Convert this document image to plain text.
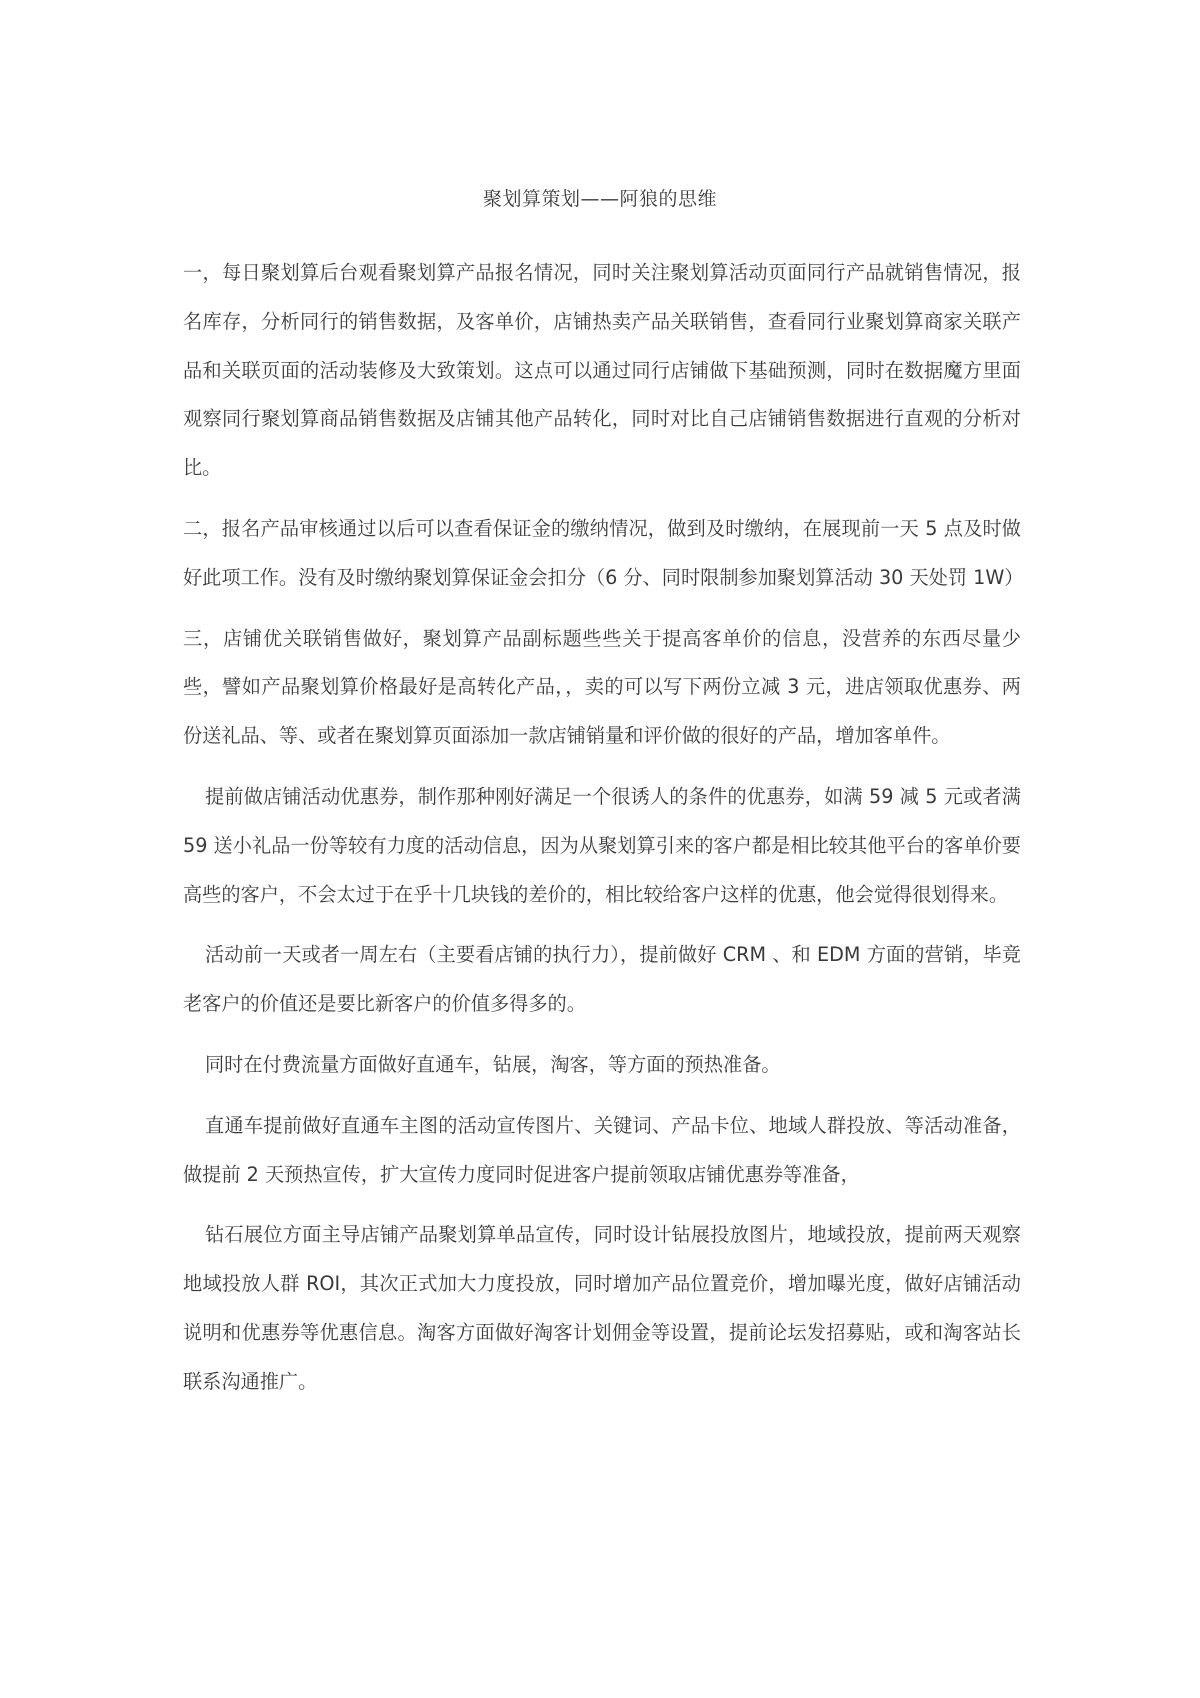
聚划算策划——阿狼的思维

一，每日聚划算后台观看聚划算产品报名情况，同时关注聚划算活动页面同行产品就销售情况，报名库存，分析同行的销售数据，及客单价，店铺热卖产品关联销售，查看同行业聚划算商家关联产品和关联页面的活动装修及大致策划。这点可以通过同行店铺做下基础预测，同时在数据魔方里面观察同行聚划算商品销售数据及店铺其他产品转化，同时对比自己店铺销售数据进行直观的分析对比。

二，报名产品审核通过以后可以查看保证金的缴纳情况，做到及时缴纳，在展现前一天 5 点及时做好此项工作。没有及时缴纳聚划算保证金会扣分（6 分、同时限制参加聚划算活动 30 天处罚 1W）

三，店铺优关联销售做好，聚划算产品副标题些些关于提高客单价的信息，没营养的东西尽量少些，譬如产品聚划算价格最好是高转化产品，，卖的可以写下两份立减 3 元，进店领取优惠券、两份送礼品、等、或者在聚划算页面添加一款店铺销量和评价做的很好的产品，增加客单件。

提前做店铺活动优惠券，制作那种刚好满足一个很诱人的条件的优惠券，如满 59 减 5 元或者满 59 送小礼品一份等较有力度的活动信息，因为从聚划算引来的客户都是相比较其他平台的客单价要高些的客户，不会太过于在乎十几块钱的差价的，相比较给客户这样的优惠，他会觉得很划得来。

活动前一天或者一周左右（主要看店铺的执行力），提前做好 CRM 、和 EDM 方面的营销，毕竟老客户的价值还是要比新客户的价值多得多的。

同时在付费流量方面做好直通车，钻展，淘客，等方面的预热准备。

直通车提前做好直通车主图的活动宣传图片、关键词、产品卡位、地域人群投放、等活动准备，做提前 2 天预热宣传，扩大宣传力度同时促进客户提前领取店铺优惠券等准备，

钻石展位方面主导店铺产品聚划算单品宣传，同时设计钻展投放图片，地域投放，提前两天观察地域投放人群 ROI，其次正式加大力度投放，同时增加产品位置竞价，增加曝光度，做好店铺活动说明和优惠券等优惠信息。淘客方面做好淘客计划佣金等设置，提前论坛发招募贴，或和淘客站长联系沟通推广。
